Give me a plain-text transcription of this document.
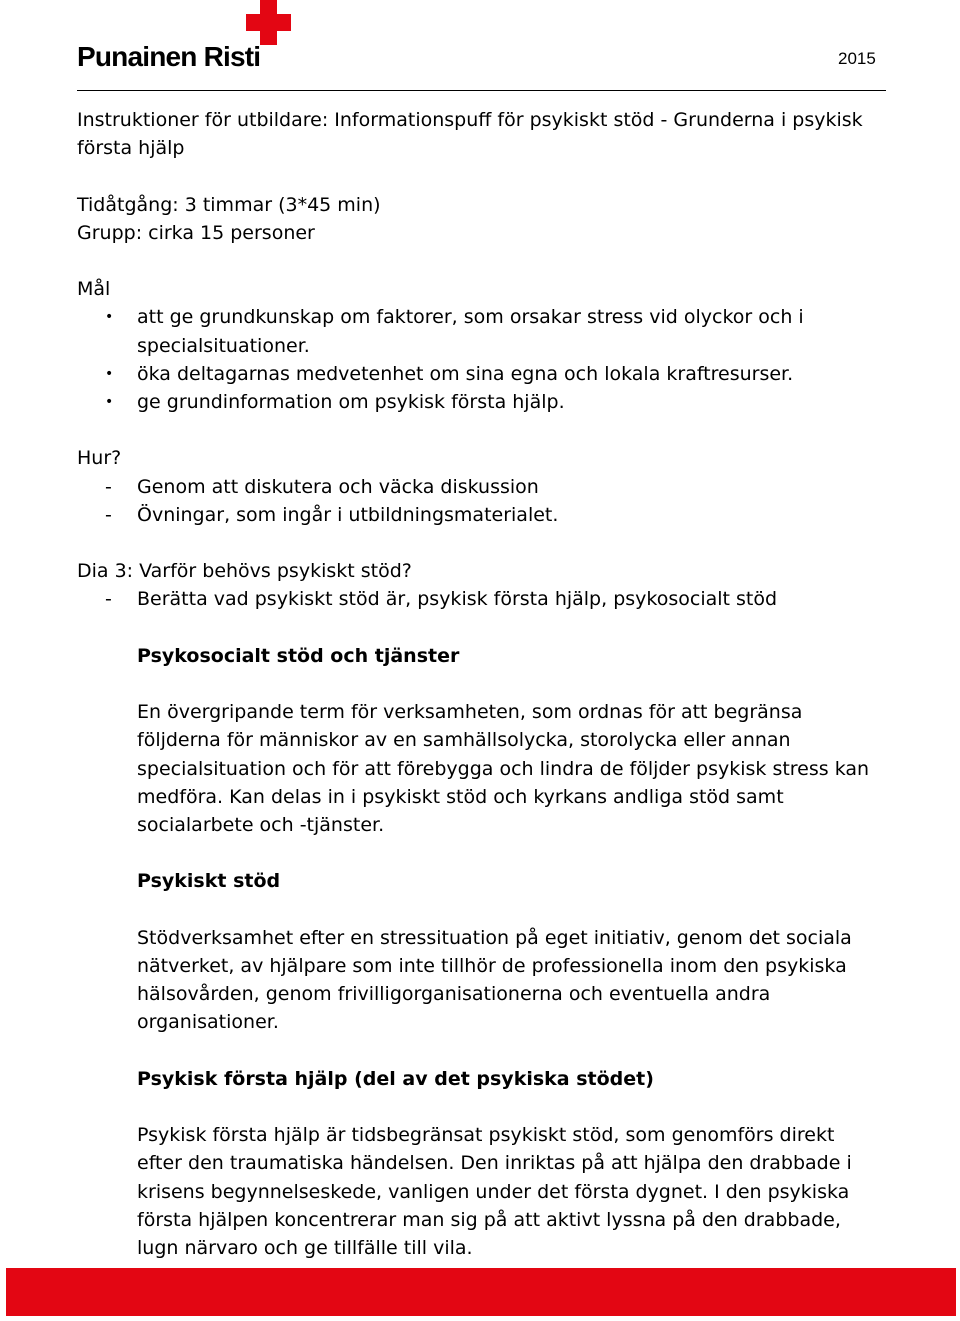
Punainen Risti	2015

Instruktioner för utbildare: Informationspuff för psykiskt stöd - Grunderna i psykisk första hjälp

Tidåtgång: 3 timmar (3*45 min)

Grupp: cirka 15 personer

Mål

• att ge grundkunskap om faktorer, som orsakar stress vid olyckor och i specialsituationer.
• öka deltagarnas medvetenhet om sina egna och lokala kraftresurser.
• ge grundinformation om psykisk första hjälp.

Hur?

- Genom att diskutera och väcka diskussion
- Övningar, som ingår i utbildningsmaterialet.

Dia 3: Varför behövs psykiskt stöd?

- Berätta vad psykiskt stöd är, psykisk första hjälp, psykosocialt stöd

Psykosocialt stöd och tjänster

En övergripande term för verksamheten, som ordnas för att begränsa följderna för människor av en samhällsolycka, storolycka eller annan specialsituation och för att förebygga och lindra de följder psykisk stress kan medföra. Kan delas in i psykiskt stöd och kyrkans andliga stöd samt socialarbete och -tjänster.

Psykiskt stöd

Stödverksamhet efter en stressituation på eget initiativ, genom det sociala nätverket, av hjälpare som inte tillhör de professionella inom den psykiska hälsovården, genom frivilligorganisationerna och eventuella andra organisationer.

Psykisk första hjälp (del av det psykiska stödet)

Psykisk första hjälp är tidsbegränsat psykiskt stöd, som genomförs direkt efter den traumatiska händelsen. Den inriktas på att hjälpa den drabbade i krisens begynnelseskede, vanligen under det första dygnet. I den psykiska första hjälpen koncentrerar man sig på att aktivt lyssna på den drabbade, lugn närvaro och ge tillfälle till vila.
